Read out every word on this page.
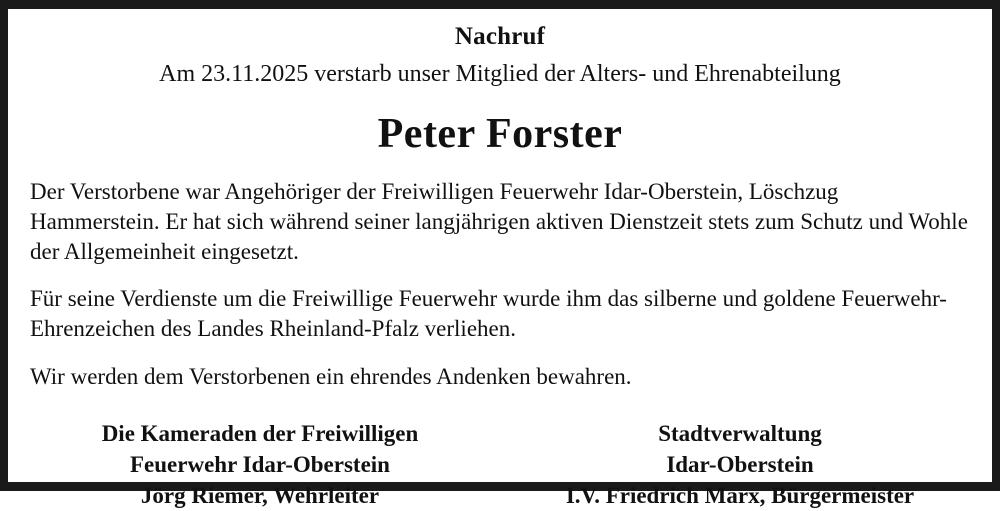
Nachruf
Am 23.11.2025 verstarb unser Mitglied der Alters- und Ehrenabteilung
Peter Forster
Der Verstorbene war Angehöriger der Freiwilligen Feuerwehr Idar-Oberstein, Löschzug Hammerstein. Er hat sich während seiner langjährigen aktiven Dienstzeit stets zum Schutz und Wohle der Allgemeinheit eingesetzt.
Für seine Verdienste um die Freiwillige Feuerwehr wurde ihm das silberne und goldene Feuerwehr-Ehrenzeichen des Landes Rheinland-Pfalz verliehen.
Wir werden dem Verstorbenen ein ehrendes Andenken bewahren.
Die Kameraden der Freiwilligen
Feuerwehr Idar-Oberstein
Jörg Riemer, Wehrleiter
Stadtverwaltung
Idar-Oberstein
I.V. Friedrich Marx, Bürgermeister
